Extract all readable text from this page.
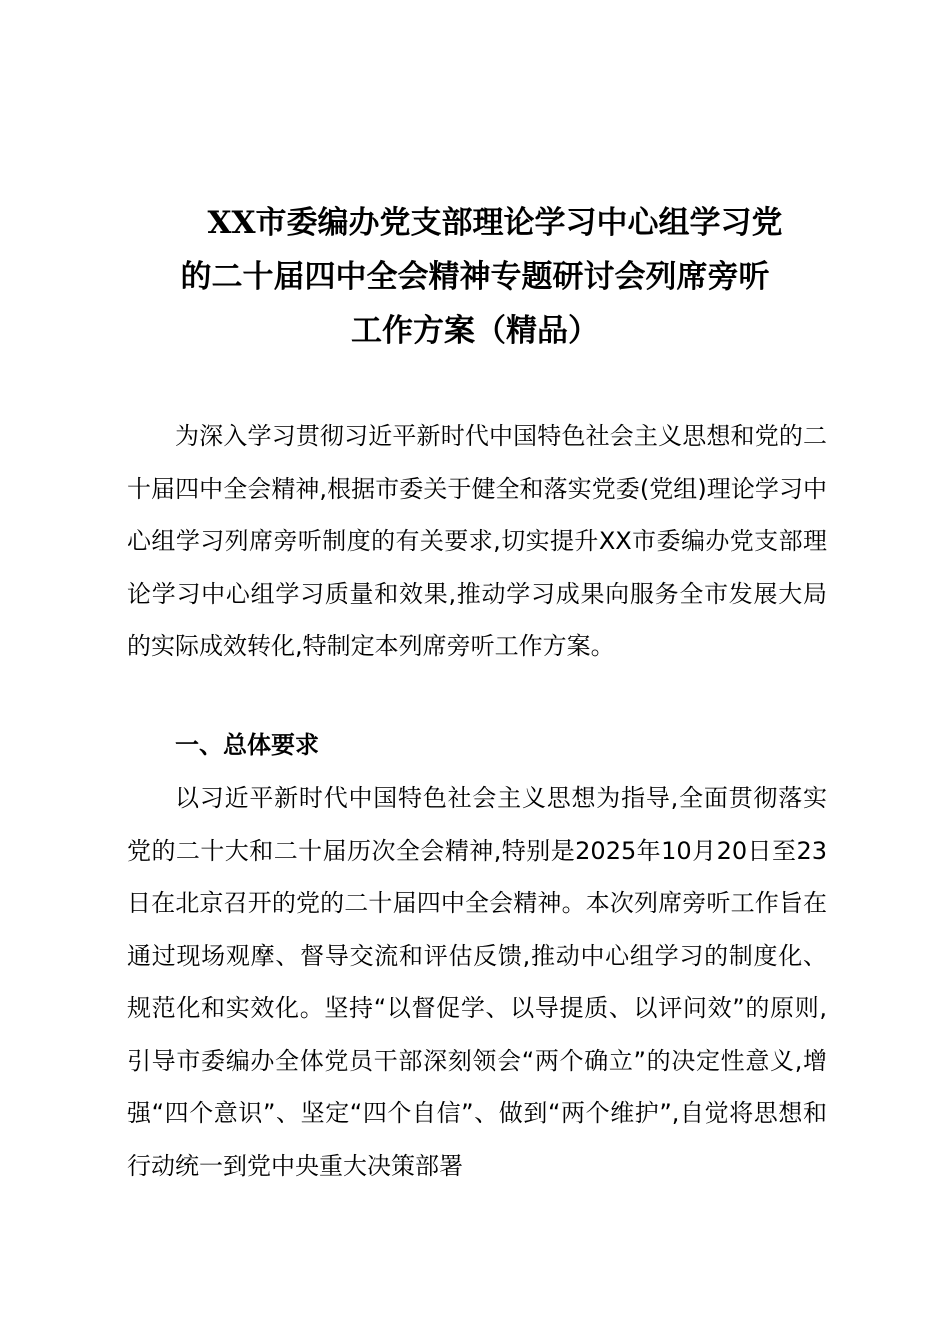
XX市委编办党支部理论学习中心组学习党
的二十届四中全会精神专题研讨会列席旁听
工作方案（精品）

为深入学习贯彻习近平新时代中国特色社会主义思想和党的二十届四中全会精神,根据市委关于健全和落实党委(党组)理论学习中心组学习列席旁听制度的有关要求,切实提升XX市委编办党支部理论学习中心组学习质量和效果,推动学习成果向服务全市发展大局的实际成效转化,特制定本列席旁听工作方案。

一、总体要求

以习近平新时代中国特色社会主义思想为指导,全面贯彻落实党的二十大和二十届历次全会精神,特别是2025年10月20日至23日在北京召开的党的二十届四中全会精神。本次列席旁听工作旨在通过现场观摩、督导交流和评估反馈,推动中心组学习的制度化、规范化和实效化。坚持“以督促学、以导提质、以评问效”的原则,引导市委编办全体党员干部深刻领会“两个确立”的决定性意义,增强“四个意识”、坚定“四个自信”、做到“两个维护”,自觉将思想和行动统一到党中央重大决策部署
